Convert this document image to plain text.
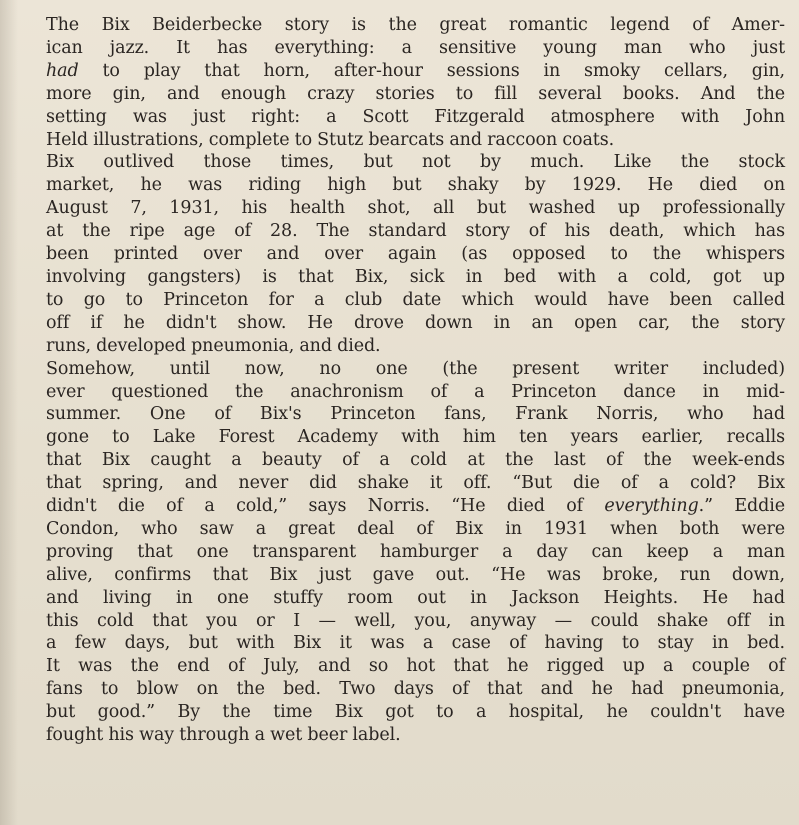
The Bix Beiderbecke story is the great romantic legend of Amer-
ican jazz. It has everything: a sensitive young man who just
had to play that horn, after-hour sessions in smoky cellars, gin,
more gin, and enough crazy stories to fill several books. And the
setting was just right: a Scott Fitzgerald atmosphere with John
Held illustrations, complete to Stutz bearcats and raccoon coats.

Bix outlived those times, but not by much. Like the stock
market, he was riding high but shaky by 1929. He died on
August 7, 1931, his health shot, all but washed up professionally
at the ripe age of 28. The standard story of his death, which has
been printed over and over again (as opposed to the whispers
involving gangsters) is that Bix, sick in bed with a cold, got up
to go to Princeton for a club date which would have been called
off if he didn't show. He drove down in an open car, the story
runs, developed pneumonia, and died.

Somehow, until now, no one (the present writer included)
ever questioned the anachronism of a Princeton dance in mid-
summer. One of Bix's Princeton fans, Frank Norris, who had
gone to Lake Forest Academy with him ten years earlier, recalls
that Bix caught a beauty of a cold at the last of the week-ends
that spring, and never did shake it off. “But die of a cold? Bix
didn't die of a cold,” says Norris. “He died of everything.” Eddie
Condon, who saw a great deal of Bix in 1931 when both were
proving that one transparent hamburger a day can keep a man
alive, confirms that Bix just gave out. “He was broke, run down,
and living in one stuffy room out in Jackson Heights. He had
this cold that you or I — well, you, anyway — could shake off in
a few days, but with Bix it was a case of having to stay in bed.
It was the end of July, and so hot that he rigged up a couple of
fans to blow on the bed. Two days of that and he had pneumonia,
but good.” By the time Bix got to a hospital, he couldn't have
fought his way through a wet beer label.
